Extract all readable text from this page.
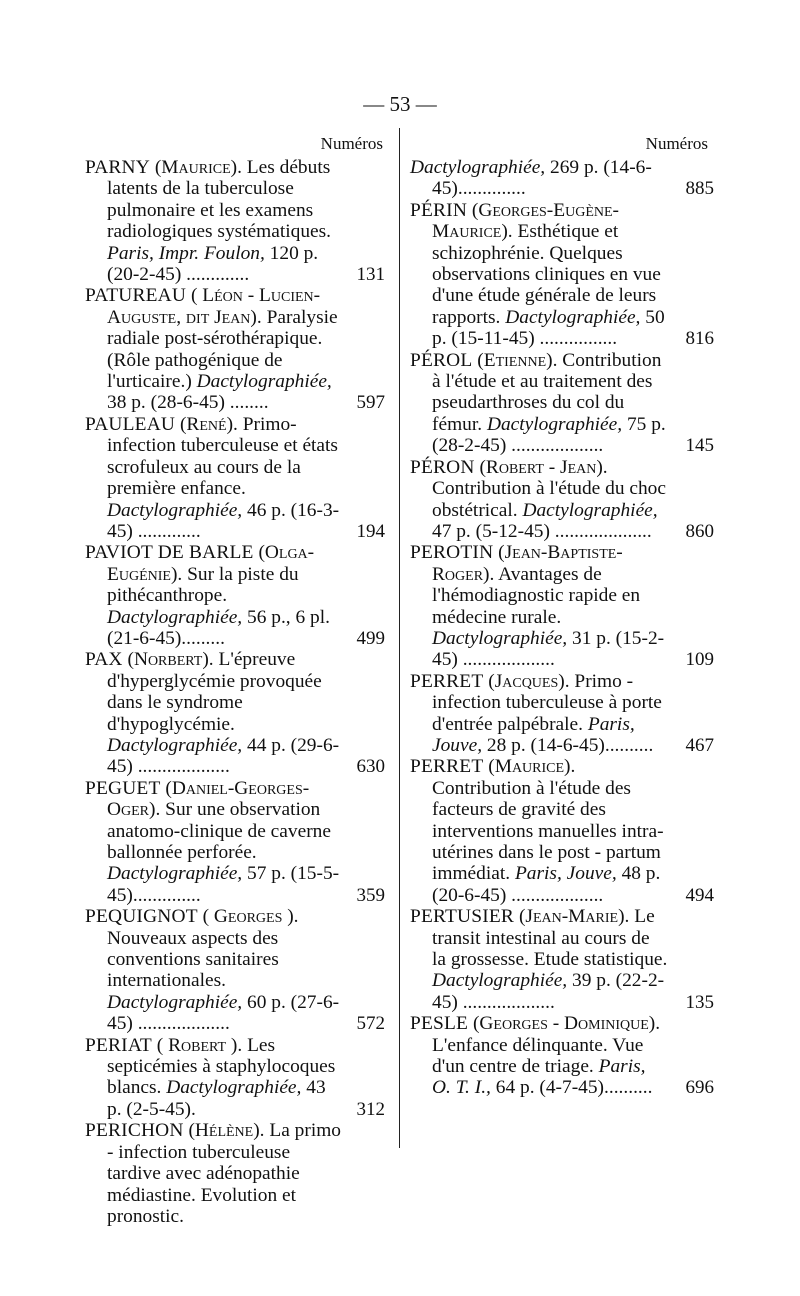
— 53 —
Numéros

PARNY (Maurice). Les débuts latents de la tuberculose pulmonaire et les examens radiologiques systématiques. Paris, Impr. Foulon, 120 p. (20-2-45) .............	131

PATUREAU ( Léon - Lucien-Auguste, dit Jean). Paralysie radiale post-sérothérapique. (Rôle pathogénique de l'urticaire.) Dactylographiée, 38 p. (28-6-45) ........	597

PAULEAU (René). Primo-infection tuberculeuse et états scrofuleux au cours de la première enfance. Dactylographiée, 46 p. (16-3-45) .............	194

PAVIOT DE BARLE (Olga-Eugénie). Sur la piste du pithécanthrope. Dactylographiée, 56 p., 6 pl. (21-6-45).........	499

PAX (Norbert). L'épreuve d'hyperglycémie provoquée dans le syndrome d'hypoglycémie. Dactylographiée, 44 p. (29-6-45) ...................	630

PEGUET (Daniel-Georges-Oger). Sur une observation anatomo-clinique de caverne ballonnée perforée. Dactylographiée, 57 p. (15-5-45)..............	359

PEQUIGNOT ( Georges ). Nouveaux aspects des conventions sanitaires internationales. Dactylographiée, 60 p. (27-6-45) ...................	572

PERIAT ( Robert ). Les septicémies à staphylocoques blancs. Dactylographiée, 43 p. (2-5-45).	312

PERICHON (Hélène). La primo - infection tuberculeuse tardive avec adénopathie médiastine. Evolution et pronostic.

Numéros

Dactylographiée, 269 p. (14-6-45)..............	885

PÉRIN (Georges-Eugène-Maurice). Esthétique et schizophrénie. Quelques observations cliniques en vue d'une étude générale de leurs rapports. Dactylographiée, 50 p. (15-11-45) ................	816

PÉROL (Etienne). Contribution à l'étude et au traitement des pseudarthroses du col du fémur. Dactylographiée, 75 p. (28-2-45) ...................	145

PÉRON (Robert - Jean). Contribution à l'étude du choc obstétrical. Dactylographiée, 47 p. (5-12-45) .................... 860

PEROTIN (Jean-Baptiste-Roger). Avantages de l'hémodiagnostic rapide en médecine rurale. Dactylographiée, 31 p. (15-2-45) ...................	109

PERRET (Jacques). Primo - infection tuberculeuse à porte d'entrée palpébrale. Paris, Jouve, 28 p. (14-6-45).......... 467

PERRET (Maurice). Contribution à l'étude des facteurs de gravité des interventions manuelles intra-utérines dans le post - partum immédiat. Paris, Jouve, 48 p. (20-6-45) ...................	494

PERTUSIER (Jean-Marie). Le transit intestinal au cours de la grossesse. Etude statistique. Dactylographiée, 39 p. (22-2-45) ...................	135

PESLE (Georges - Dominique). L'enfance délinquante. Vue d'un centre de triage. Paris, O. T. I., 64 p. (4-7-45).......... 696
